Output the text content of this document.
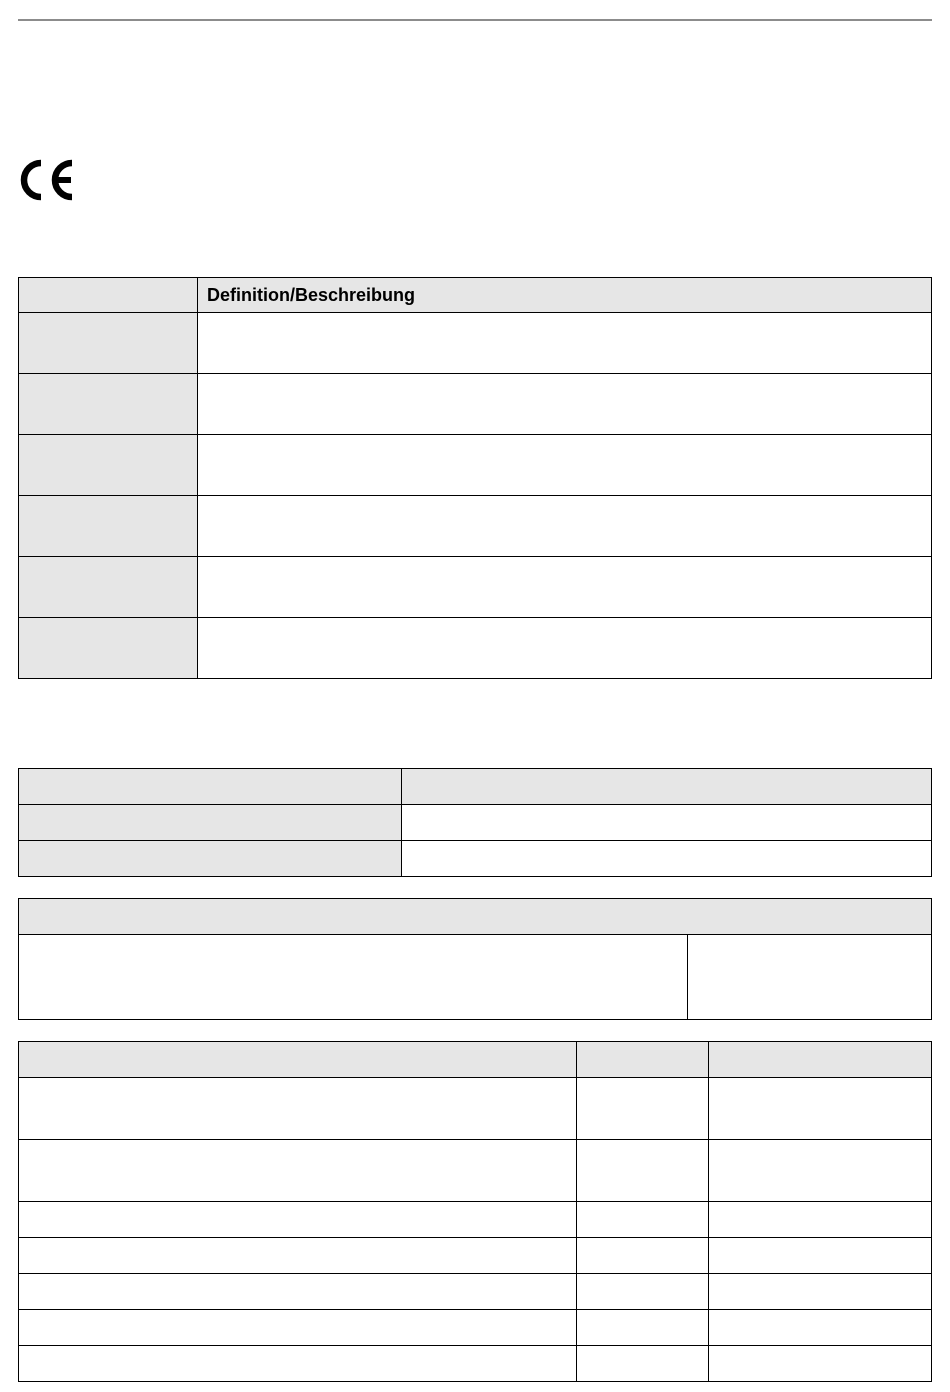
	Definition/Beschreibung
